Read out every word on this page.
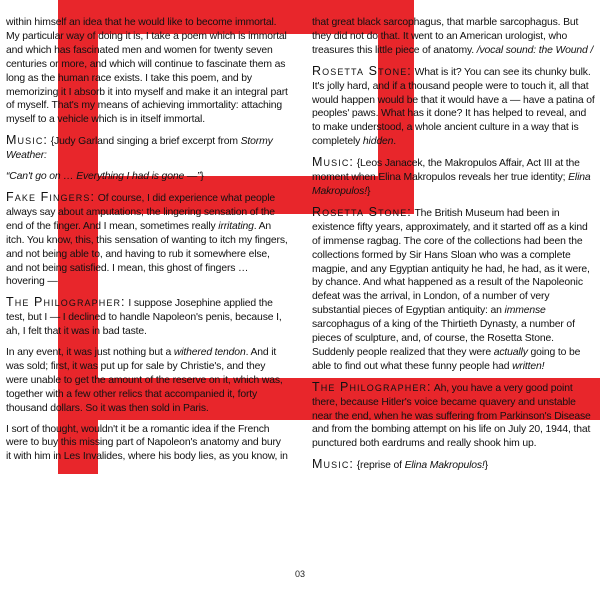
within himself an idea that he would like to become immortal. My particular way of doing it is, I take a poem which is immortal and which has fascinated men and women for twenty seven centuries or more, and which will continue to fascinate them as long as the human race exists. I take this poem, and by memorizing it I absorb it into myself and make it an integral part of myself. That's my means of achieving immortality: attaching myself to a vehicle which is in itself immortal.

Music: {Judy Garland singing a brief excerpt from Stormy Weather:

“Can't go on … Everything I had is gone —”}

Fake Fingers: Of course, I did experience what people always say about amputations; the lingering sensation of the end of the finger. And I mean, sometimes really irritating. An itch. You know, this, this sensation of wanting to itch my fingers, and not being able to, and having to rub it somewhere else, and not being satisfied. I mean, this ghost of fingers … hovering —

The Philographer: I suppose Josephine applied the test, but I — I declined to handle Napoleon's penis, because I, ah, I felt that it was in bad taste.

In any event, it was just nothing but a withered tendon. And it was sold; first, it was put up for sale by Christie's, and they were unable to get the amount of the reserve on it, which was, together with a few other relics that accompanied it, forty thousand dollars. So it was then sold in Paris.

I sort of thought, wouldn't it be a romantic idea if the French were to buy this missing part of Napoleon's anatomy and bury it with him in Les Invalides, where his body lies, as you know, in

that great black sarcophagus, that marble sarcophagus. But they did not do that. It went to an American urologist, who treasures this little piece of anatomy. /vocal sound: the Wound /

Rosetta Stone: What is it? You can see its chunky bulk. It's jolly hard, and if a thousand people were to touch it, all that would happen would be that it would have a — have a patina of peoples' paws. What has it done? It has helped to reveal, and to make understood, a whole ancient culture in a way that is completely hidden.

Music: {Leos Janacek, the Makropulos Affair, Act III at the moment when Elina Makropulos reveals her true identity; Elina Makropulos!}

Rosetta Stone: The British Museum had been in existence fifty years, approximately, and it started off as a kind of immense ragbag. The core of the collections had been the collections formed by Sir Hans Sloan who was a complete magpie, and any Egyptian antiquity he had, he had, as it were, by chance. And what happened as a result of the Napoleonic defeat was the arrival, in London, of a number of very substantial pieces of Egyptian antiquity: an immense sarcophagus of a king of the Thirtieth Dynasty, a number of pieces of sculpture, and, of course, the Rosetta Stone. Suddenly people realized that they were actually going to be able to find out what these funny people had written!

The Philographer: Ah, you have a very good point there, because Hitler's voice became quavery and unstable near the end, when he was suffering from Parkinson's Disease and from the bombing attempt on his life on July 20, 1944, that punctured both eardrums and really shook him up.

Music: {reprise of Elina Makropulos!}

03
